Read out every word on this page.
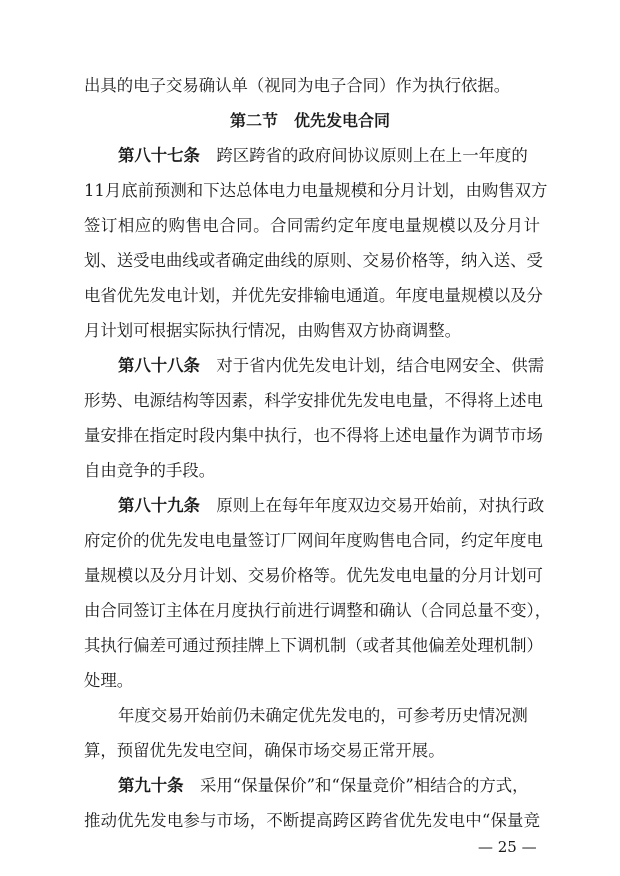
出具的电子交易确认单（视同为电子合同）作为执行依据。
第二节　优先发电合同
第八十七条　 跨区跨省的政府间协议原则上在上一年度的
11月底前预测和下达总体电力电量规模和分月计划，由购售双方
签订相应的购售电合同。合同需约定年度电量规模以及分月计
划、送受电曲线或者确定曲线的原则、交易价格等，纳入送、受
电省优先发电计划，并优先安排输电通道。年度电量规模以及分
月计划可根据实际执行情况，由购售双方协商调整。
第八十八条　 对于省内优先发电计划，结合电网安全、供需
形势、电源结构等因素，科学安排优先发电电量，不得将上述电
量安排在指定时段内集中执行，也不得将上述电量作为调节市场
自由竞争的手段。
第八十九条　 原则上在每年年度双边交易开始前，对执行政
府定价的优先发电电量签订厂网间年度购售电合同，约定年度电
量规模以及分月计划、交易价格等。优先发电电量的分月计划可
由合同签订主体在月度执行前进行调整和确认（合同总量不变），
其执行偏差可通过预挂牌上下调机制（或者其他偏差处理机制）
处理。
年度交易开始前仍未确定优先发电的，可参考历史情况测
算，预留优先发电空间，确保市场交易正常开展。
第九十条　 采用“保量保价”和“保量竞价”相结合的方式，
推动优先发电参与市场，不断提高跨区跨省优先发电中“保量竞
— 25 —
